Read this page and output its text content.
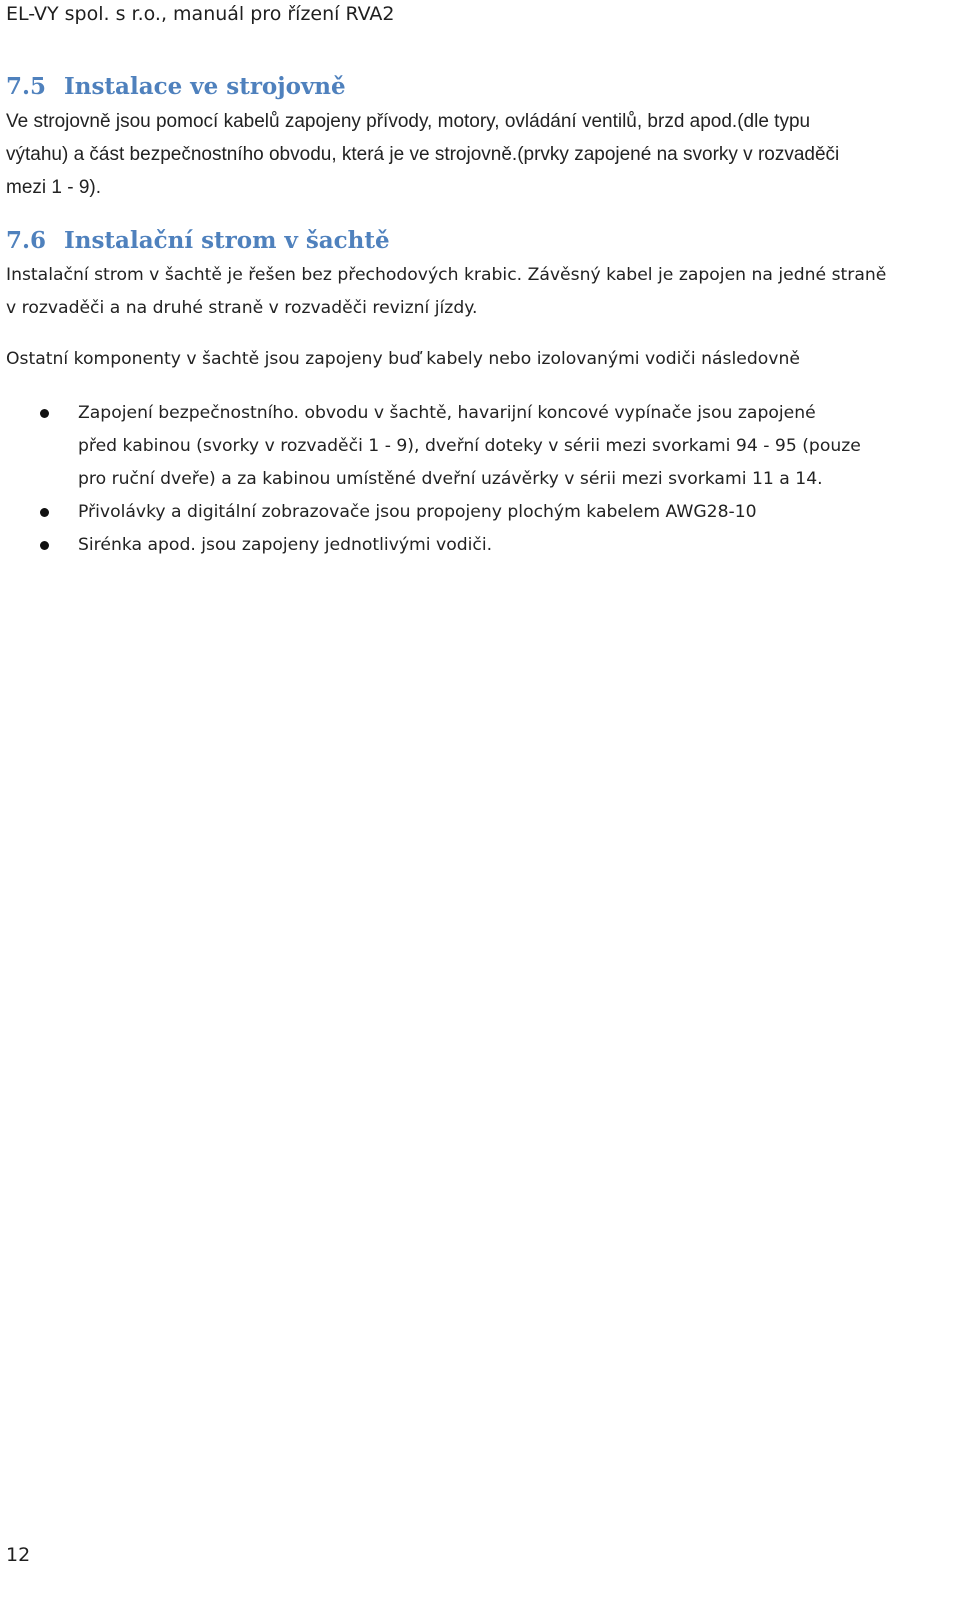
EL-VY spol. s r.o., manuál pro řízení RVA2
7.5 Instalace ve strojovně
Ve strojovně jsou pomocí kabelů zapojeny přívody, motory, ovládání ventilů, brzd apod.(dle typu
výtahu) a část bezpečnostního obvodu, která je ve strojovně.(prvky zapojené na svorky v rozvaděči
mezi 1 - 9).
7.6 Instalační strom v šachtě
Instalační strom v šachtě je řešen bez přechodových krabic. Závěsný kabel je zapojen na jedné straně
v rozvaděči a na druhé straně v rozvaděči revizní jízdy.
Ostatní komponenty v šachtě jsou zapojeny buď kabely nebo izolovanými vodiči následovně
Zapojení bezpečnostního. obvodu v šachtě, havarijní koncové vypínače jsou zapojené
před kabinou (svorky v rozvaděči 1 - 9), dveřní doteky v sérii mezi svorkami 94 - 95 (pouze
pro ruční dveře) a za kabinou umístěné dveřní uzávěrky v sérii mezi svorkami 11 a 14.
Přivolávky a digitální zobrazovače jsou propojeny plochým kabelem AWG28-10
Sirénka apod. jsou zapojeny jednotlivými vodiči.
12
